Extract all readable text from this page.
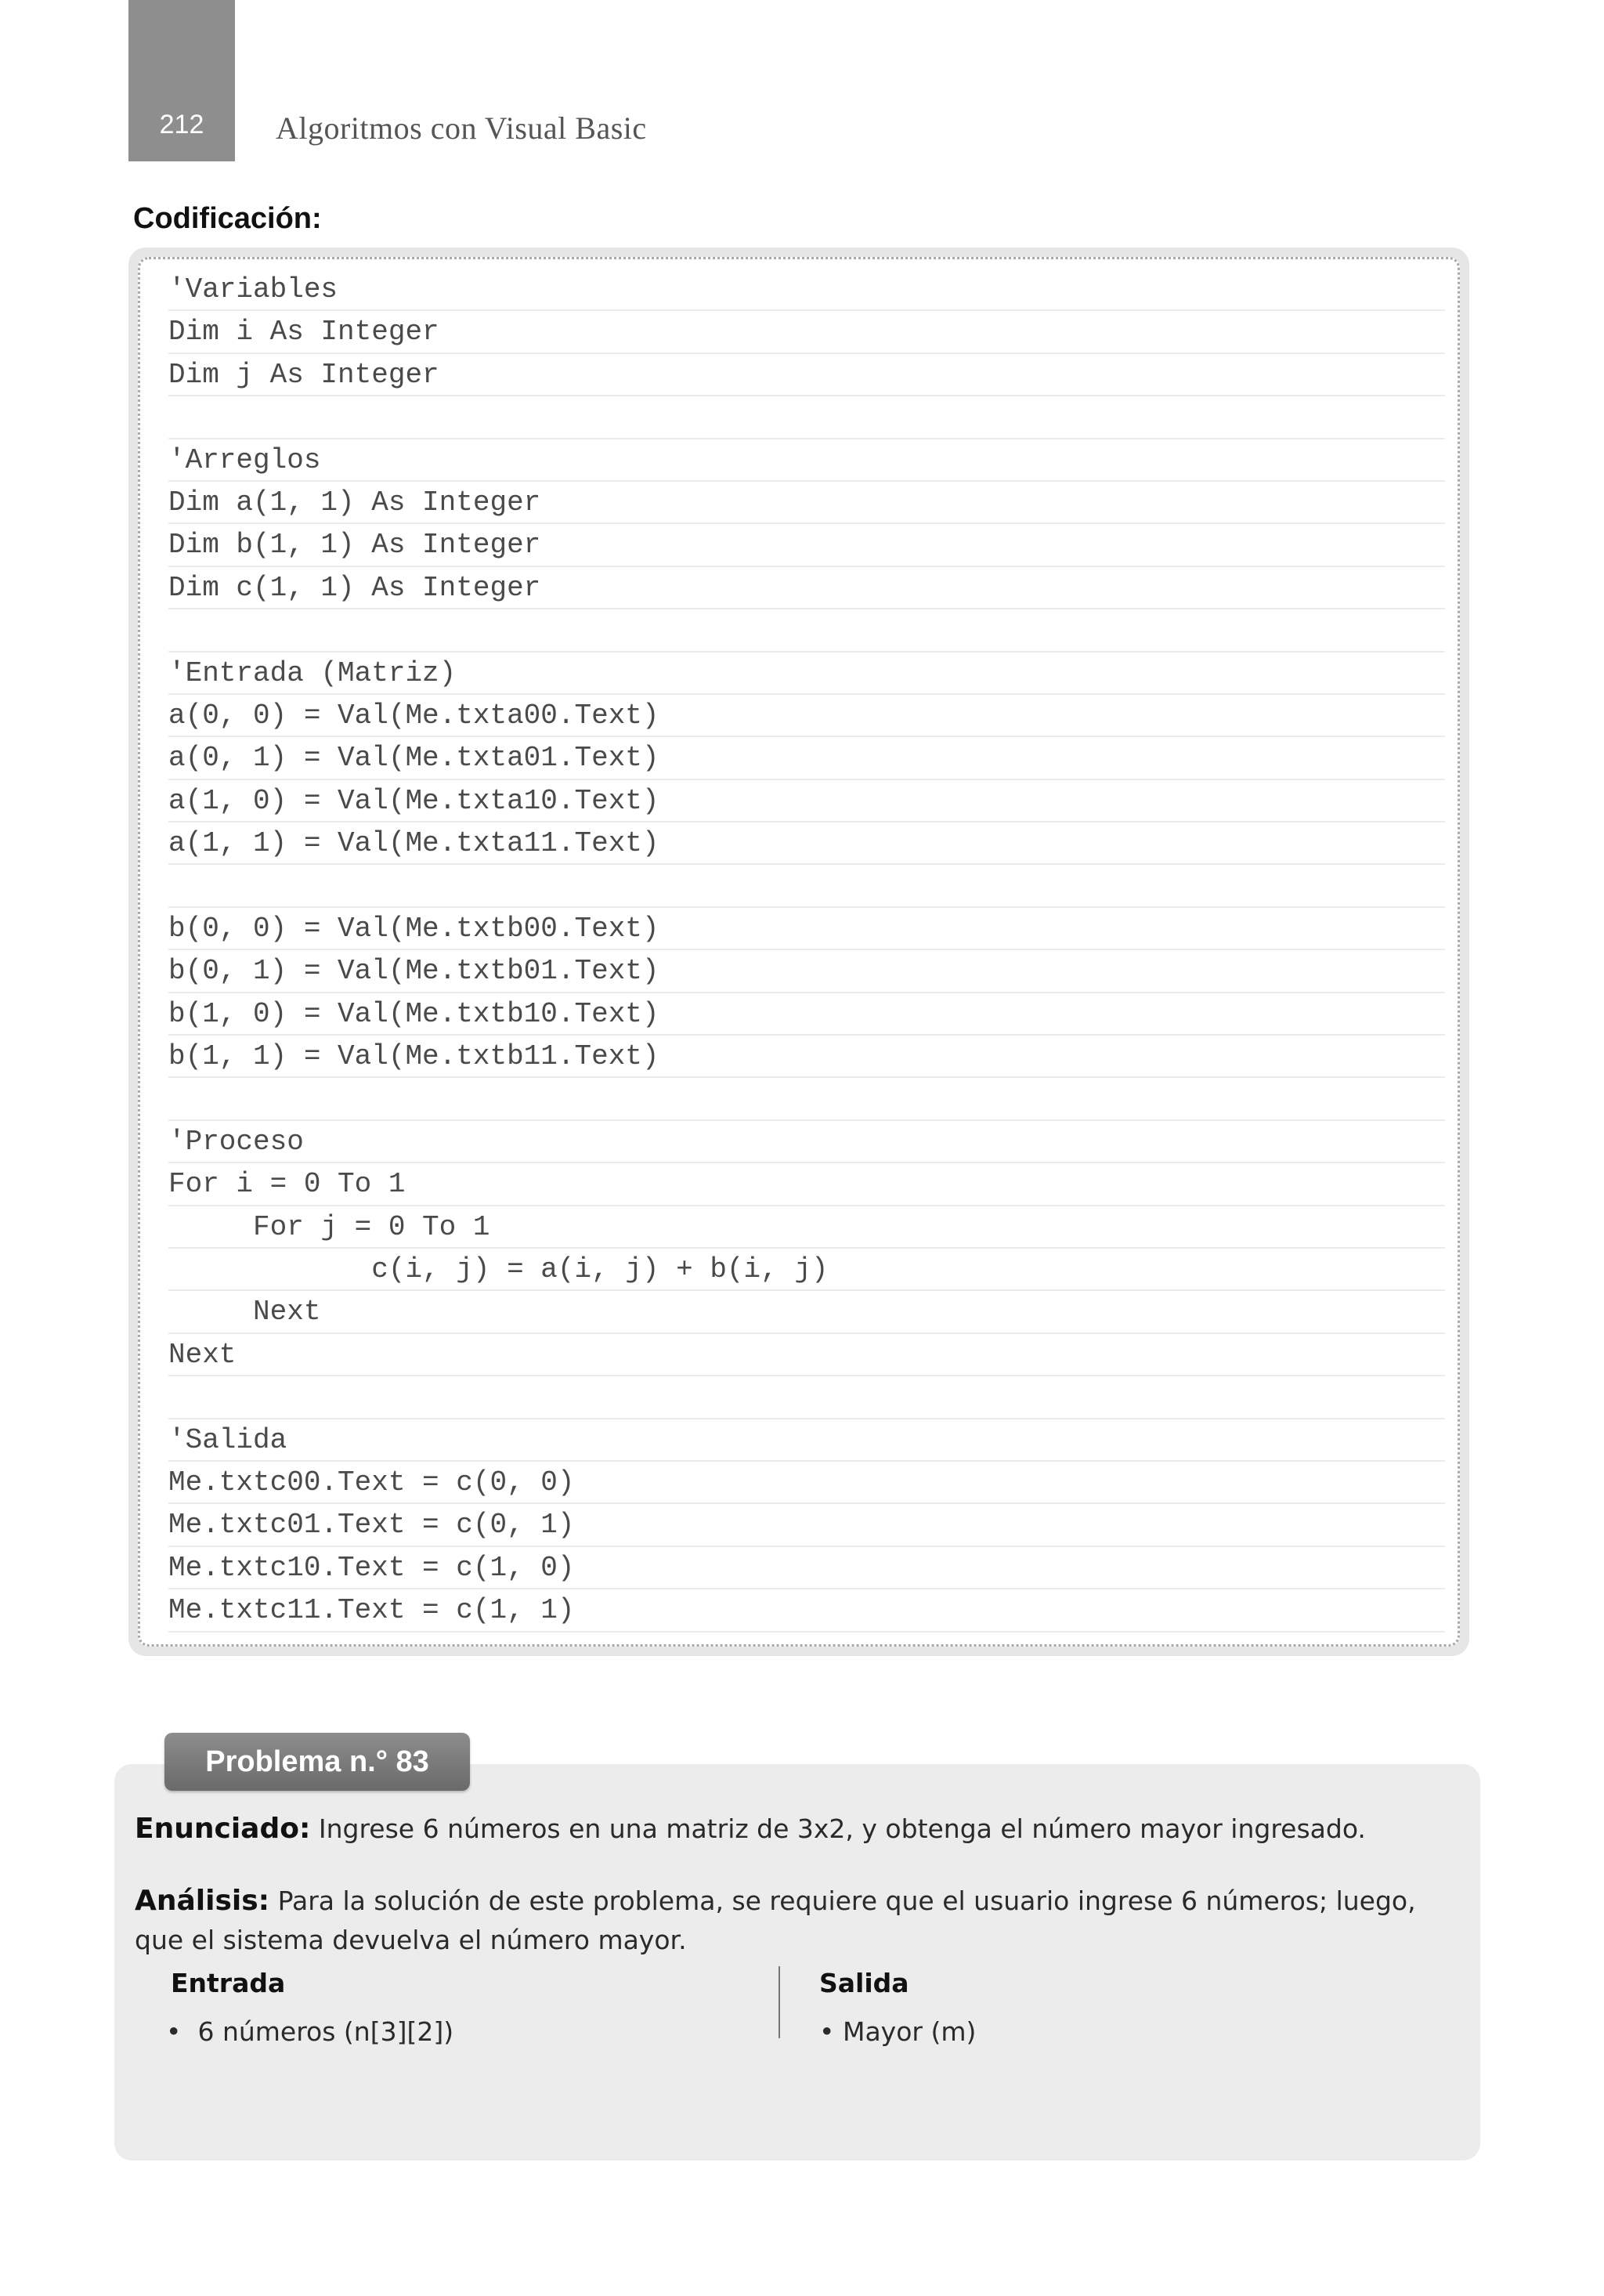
212	Algoritmos con Visual Basic
Codificación:
'Variables
Dim i As Integer
Dim j As Integer
'Arreglos
Dim a(1, 1) As Integer
Dim b(1, 1) As Integer
Dim c(1, 1) As Integer
'Entrada (Matriz)
a(0, 0) = Val(Me.txta00.Text)
a(0, 1) = Val(Me.txta01.Text)
a(1, 0) = Val(Me.txta10.Text)
a(1, 1) = Val(Me.txta11.Text)
b(0, 0) = Val(Me.txtb00.Text)
b(0, 1) = Val(Me.txtb01.Text)
b(1, 0) = Val(Me.txtb10.Text)
b(1, 1) = Val(Me.txtb11.Text)
'Proceso
For i = 0 To 1
For j = 0 To 1
c(i, j) = a(i, j) + b(i, j)
Next
Next
'Salida
Me.txtc00.Text = c(0, 0)
Me.txtc01.Text = c(0, 1)
Me.txtc10.Text = c(1, 0)
Me.txtc11.Text = c(1, 1)
Problema n.° 83
Enunciado: Ingrese 6 números en una matriz de 3x2, y obtenga el número mayor ingresado.
Análisis: Para la solución de este problema, se requiere que el usuario ingrese 6 números; luego, que el sistema devuelva el número mayor.
Entrada
•  6 números (n[3][2])
Salida
• Mayor (m)
